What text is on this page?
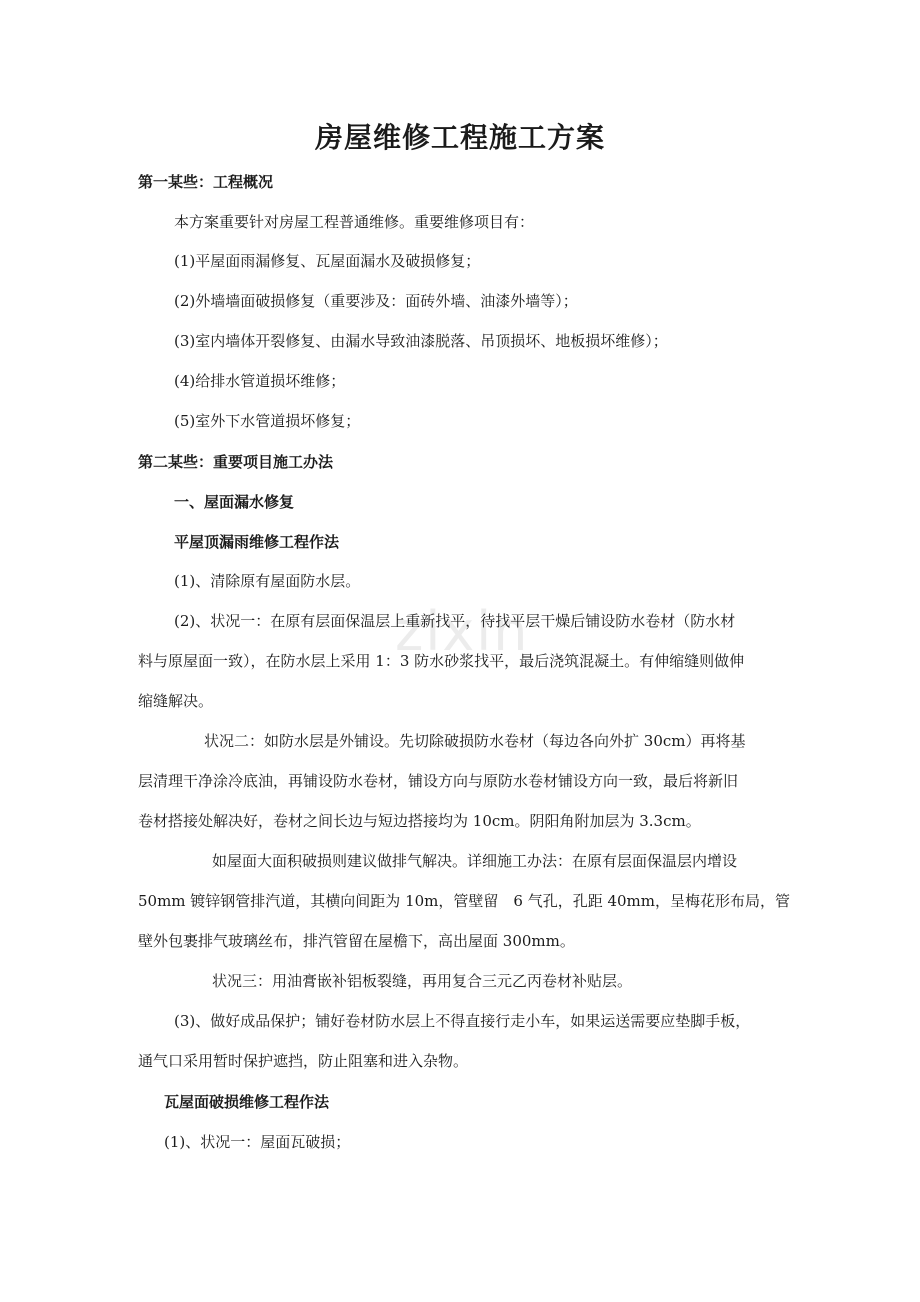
zixin
房屋维修工程施工方案
第一某些：工程概况
本方案重要针对房屋工程普通维修。重要维修项目有：
(1)平屋面雨漏修复、瓦屋面漏水及破损修复；
(2)外墙墙面破损修复（重要涉及：面砖外墙、油漆外墙等）；
(3)室内墙体开裂修复、由漏水导致油漆脱落、吊顶损坏、地板损坏维修）；
(4)给排水管道损坏维修；
(5)室外下水管道损坏修复；
第二某些：重要项目施工办法
一、屋面漏水修复
平屋顶漏雨维修工程作法
(1)、清除原有屋面防水层。
(2)、状况一：在原有层面保温层上重新找平，待找平层干燥后铺设防水卷材（防水材
料与原屋面一致），在防水层上采用 1：3 防水砂浆找平，最后浇筑混凝土。有伸缩缝则做伸
缩缝解决。
状况二：如防水层是外铺设。先切除破损防水卷材（每边各向外扩 30cm）再将基
层清理干净涂冷底油，再铺设防水卷材，铺设方向与原防水卷材铺设方向一致，最后将新旧
卷材搭接处解决好，卷材之间长边与短边搭接均为 10cm。阴阳角附加层为 3.3cm。
如屋面大面积破损则建议做排气解决。详细施工办法：在原有层面保温层内增设
50mm 镀锌钢管排汽道，其横向间距为 10m，管壁留　6 气孔，孔距 40mm，呈梅花形布局，管
壁外包裹排气玻璃丝布，排汽管留在屋檐下，高出屋面 300mm。
状况三：用油膏嵌补铝板裂缝，再用复合三元乙丙卷材补贴层。
(3)、做好成品保护；铺好卷材防水层上不得直接行走小车，如果运送需要应垫脚手板，
通气口采用暂时保护遮挡，防止阻塞和进入杂物。
瓦屋面破损维修工程作法
(1)、状况一：屋面瓦破损；
